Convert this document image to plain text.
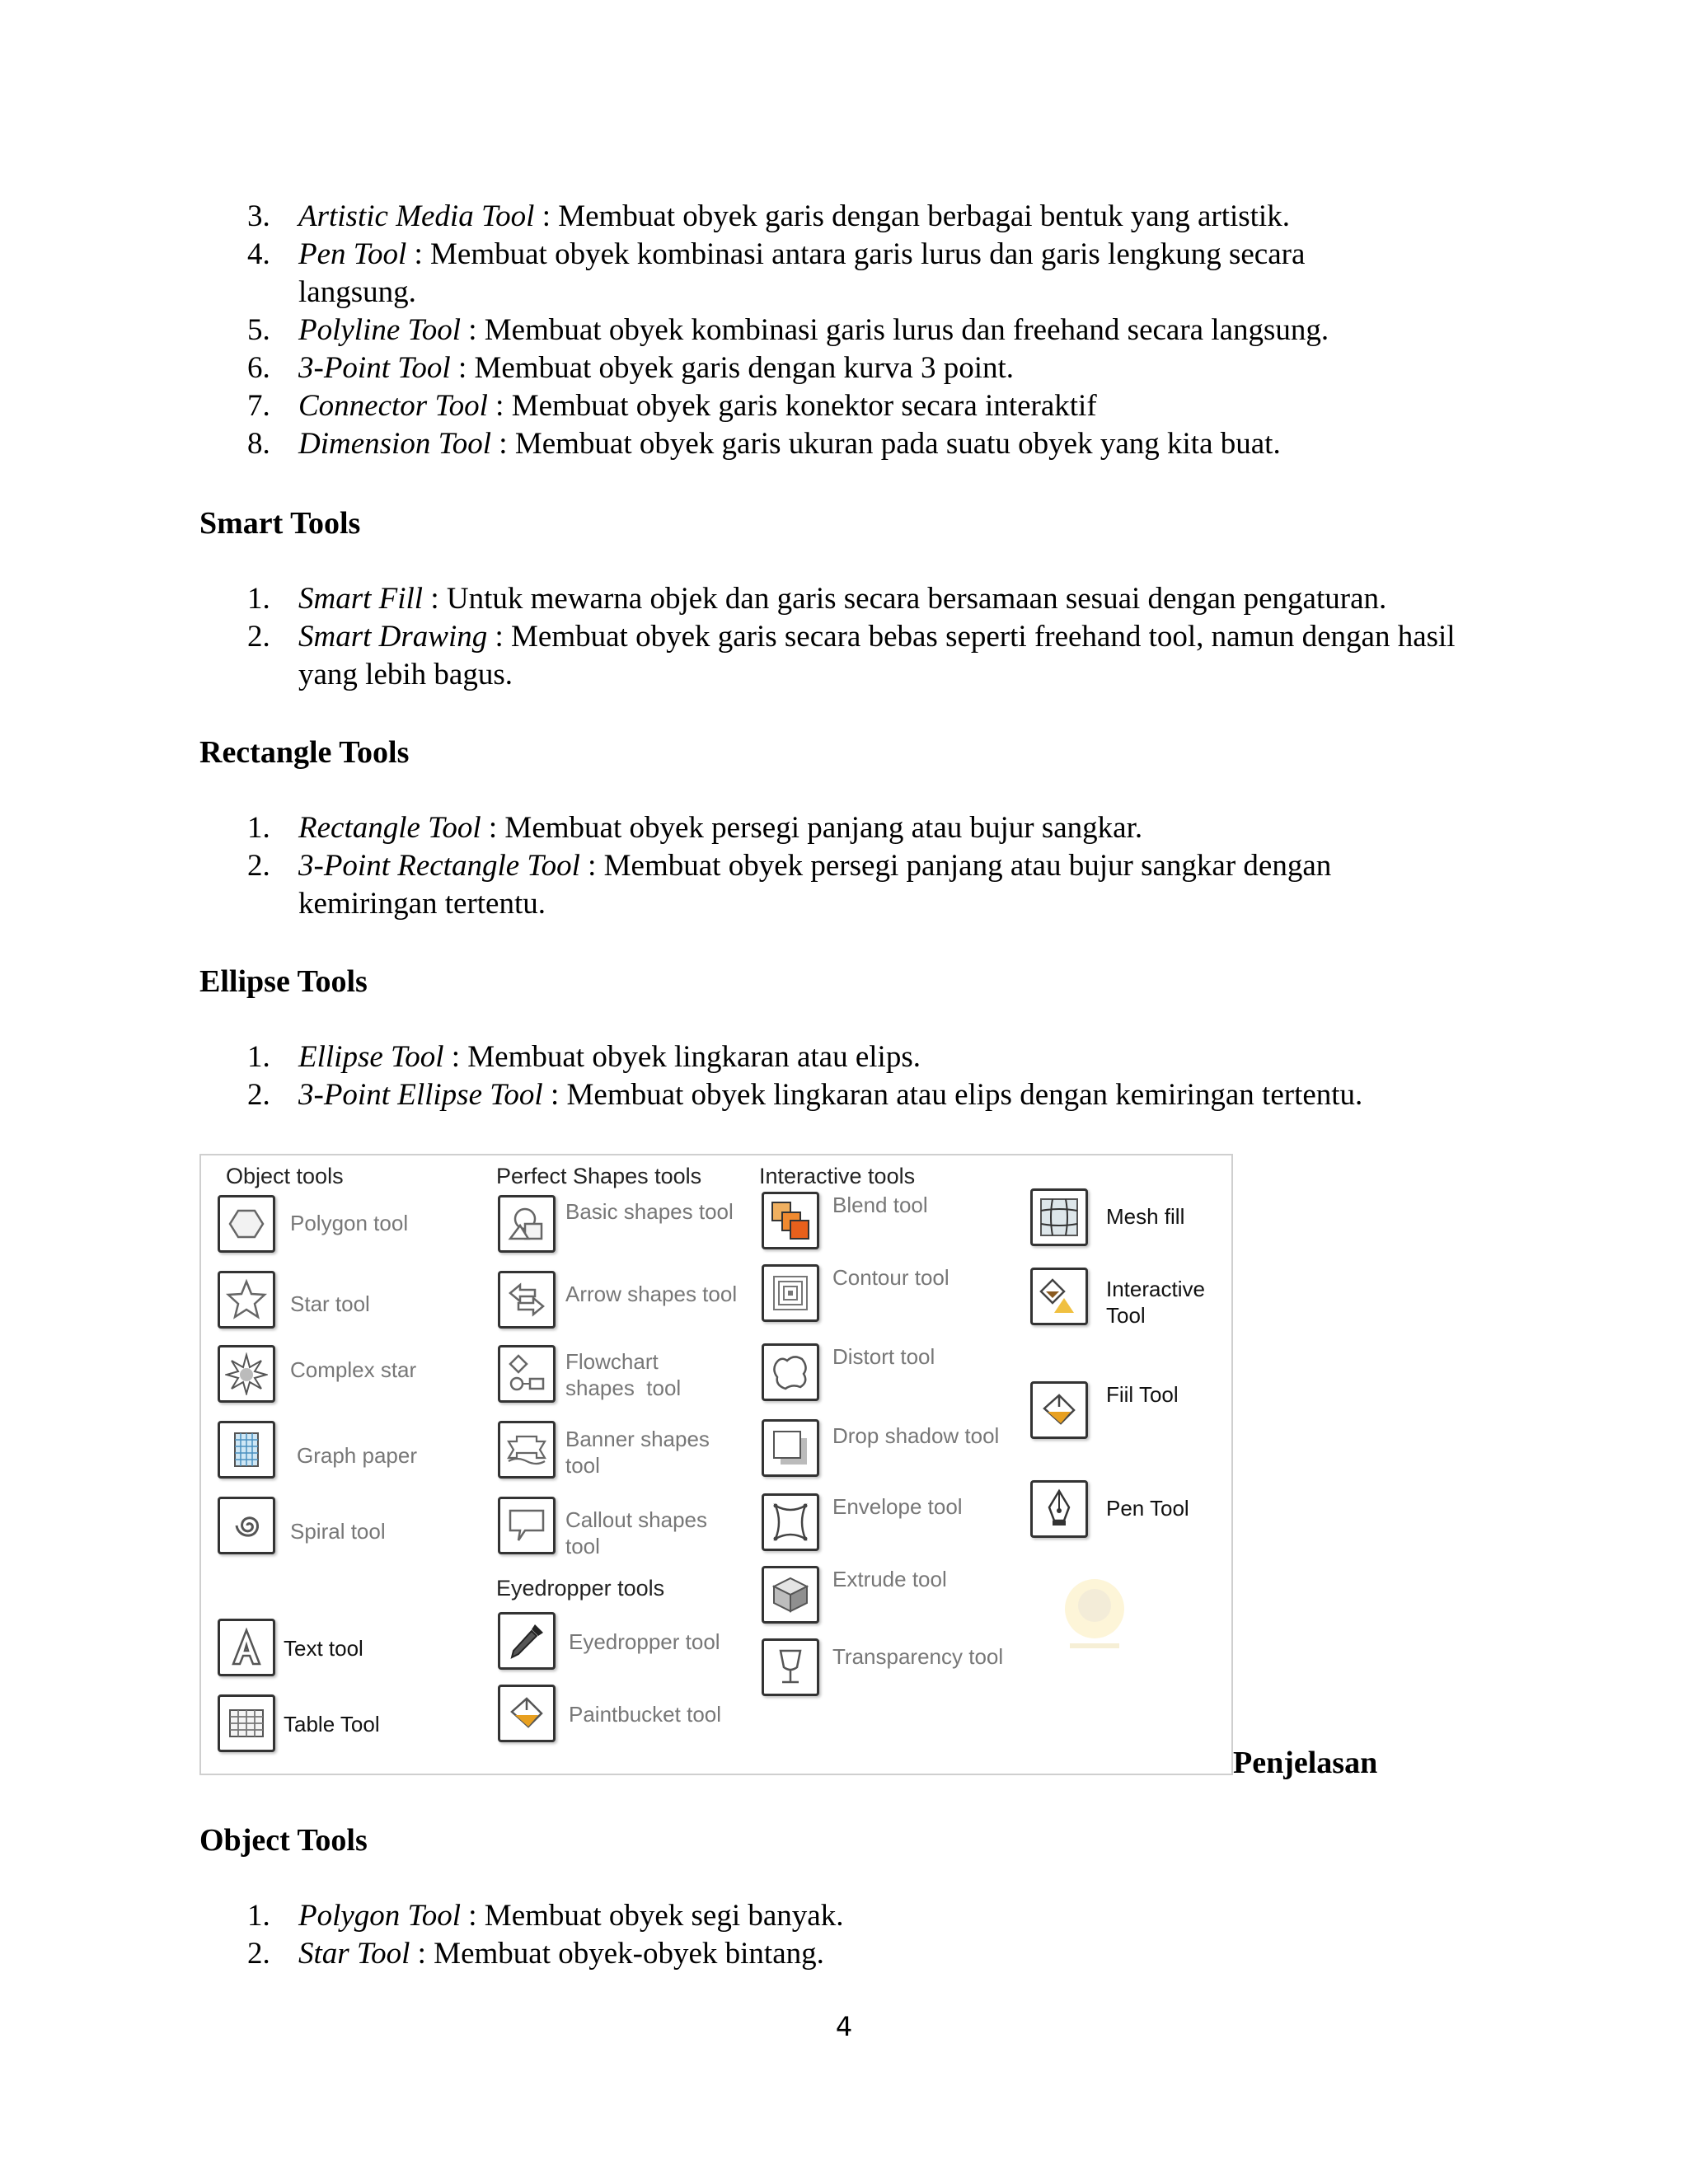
3. Artistic Media Tool : Membuat obyek garis dengan berbagai bentuk yang artistik.
4. Pen Tool : Membuat obyek kombinasi antara garis lurus dan garis lengkung secara langsung.
5. Polyline Tool : Membuat obyek kombinasi garis lurus dan freehand secara langsung.
6. 3-Point Tool : Membuat obyek garis dengan kurva 3 point.
7. Connector Tool : Membuat obyek garis konektor secara interaktif
8. Dimension Tool : Membuat obyek garis ukuran pada suatu obyek yang kita buat.
Smart Tools
1. Smart Fill : Untuk mewarna objek dan garis secara bersamaan sesuai dengan pengaturan.
2. Smart Drawing : Membuat obyek garis secara bebas seperti freehand tool, namun dengan hasil yang lebih bagus.
Rectangle Tools
1. Rectangle Tool : Membuat obyek persegi panjang atau bujur sangkar.
2. 3-Point Rectangle Tool : Membuat obyek persegi panjang atau bujur sangkar dengan kemiringan tertentu.
Ellipse Tools
1. Ellipse Tool : Membuat obyek lingkaran atau elips.
2. 3-Point Ellipse Tool : Membuat obyek lingkaran atau elips dengan kemiringan tertentu.
Object tools	Perfect Shapes tools	Interactive tools
Eyedropper tools
Polygon tool
Star tool
Complex star
Graph paper
Spiral tool
Text tool
Table Tool
Basic shapes tool
Arrow shapes tool
Flowchart shapes  tool
Banner shapes tool
Callout shapes tool
Eyedropper tool
Paintbucket tool
Blend tool
Contour tool
Distort tool
Drop shadow tool
Envelope tool
Extrude tool
Transparency tool
Mesh fill
Interactive Tool
Fiil Tool
Pen Tool
Penjelasan
Object Tools
1. Polygon Tool : Membuat obyek segi banyak.
2. Star Tool : Membuat obyek-obyek bintang.
4
